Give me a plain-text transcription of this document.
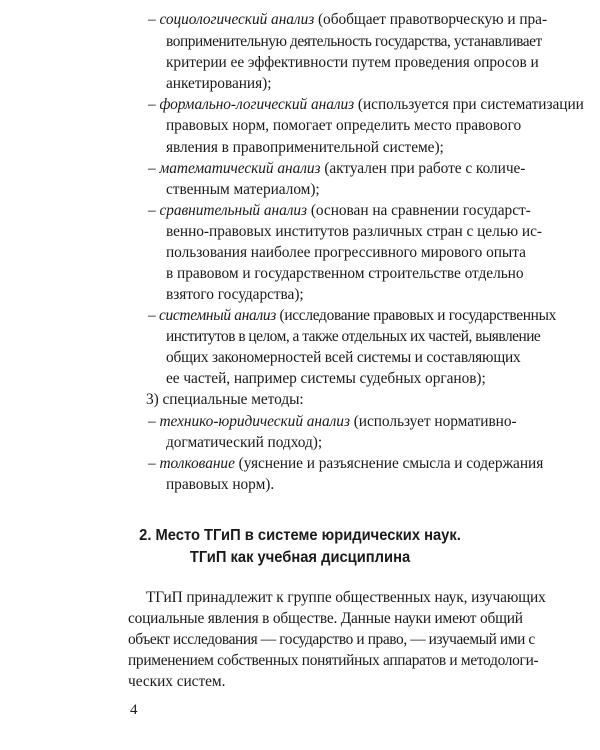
– социологический анализ (обобщает правотворческую и пра-
воприменительную деятельность государства, устанавливает
критерии ее эффективности путем проведения опросов и
анкетирования);
– формально-логический анализ (используется при систематизации
правовых норм, помогает определить место правового
явления в правоприменительной системе);
– математический анализ (актуален при работе с количе-
ственным материалом);
– сравнительный анализ (основан на сравнении государст-
венно-правовых институтов различных стран с целью ис-
пользования наиболее прогрессивного мирового опыта
в правовом и государственном строительстве отдельно
взятого государства);
– системный анализ (исследование правовых и государственных
институтов в целом, а также отдельных их частей, выявление
общих закономерностей всей системы и составляющих
ее частей, например системы судебных органов);
3) специальные методы:
– технико-юридический анализ (использует нормативно-
догматический подход);
– толкование (уяснение и разъяснение смысла и содержания
правовых норм).
2. Место ТГиП в системе юридических наук.
ТГиП как учебная дисциплина
ТГиП принадлежит к группе общественных наук, изучающих
социальные явления в обществе. Данные науки имеют общий
объект исследования — государство и право, — изучаемый ими с
применением собственных понятийных аппаратов и методологи-
ческих систем.
4
